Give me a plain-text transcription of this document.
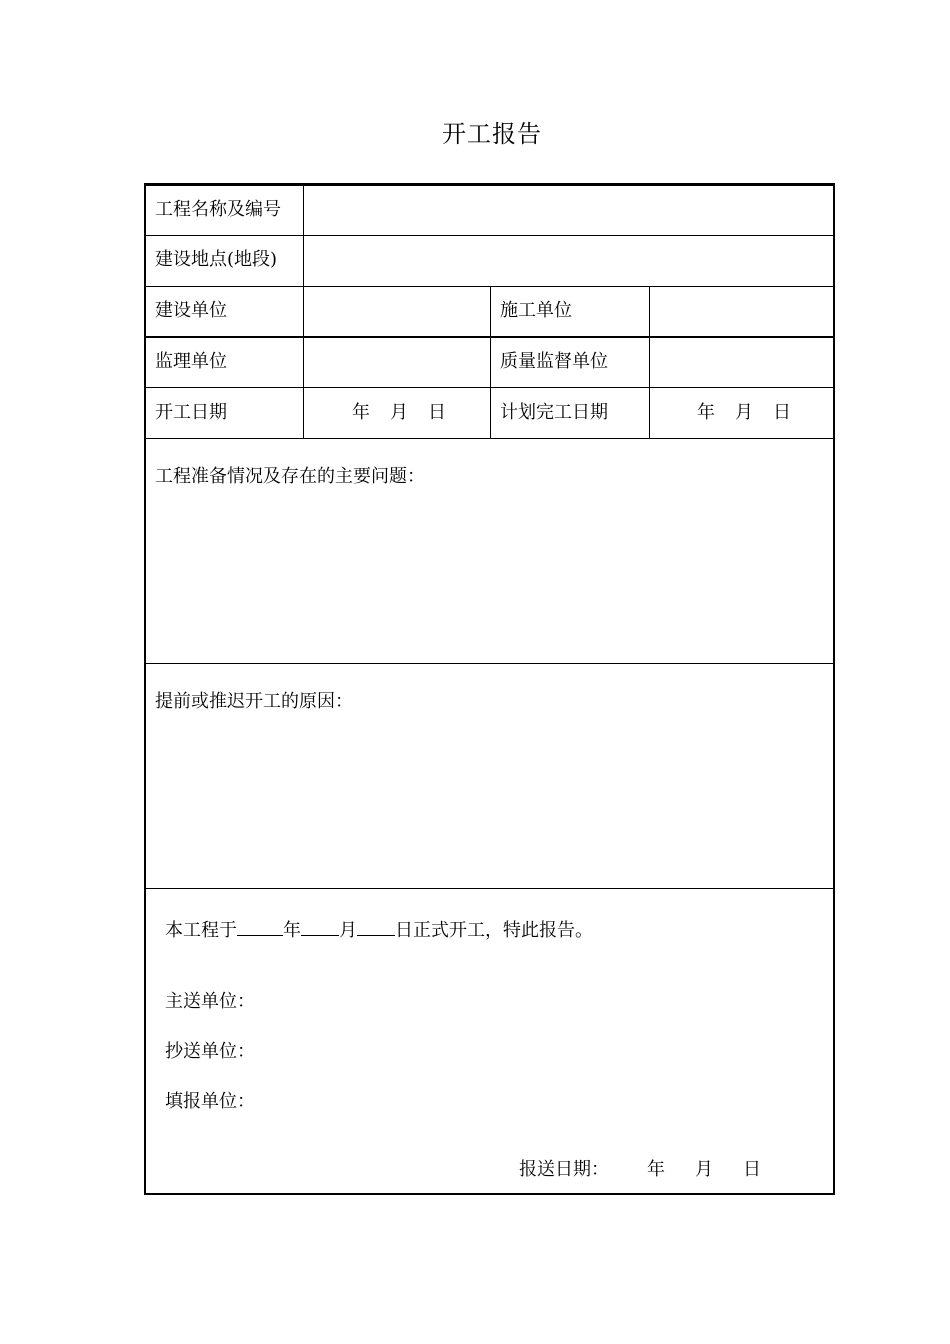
开工报告
工程名称及编号
建设地点(地段)
建设单位	施工单位
监理单位	质量监督单位
开工日期	年 月 日	计划完工日期	年 月 日
工程准备情况及存在的主要问题：
提前或推迟开工的原因：
本工程于	年 月 日正式开工，特此报告。
主送单位：
抄送单位：
填报单位：
报送日期： 年 月 日
